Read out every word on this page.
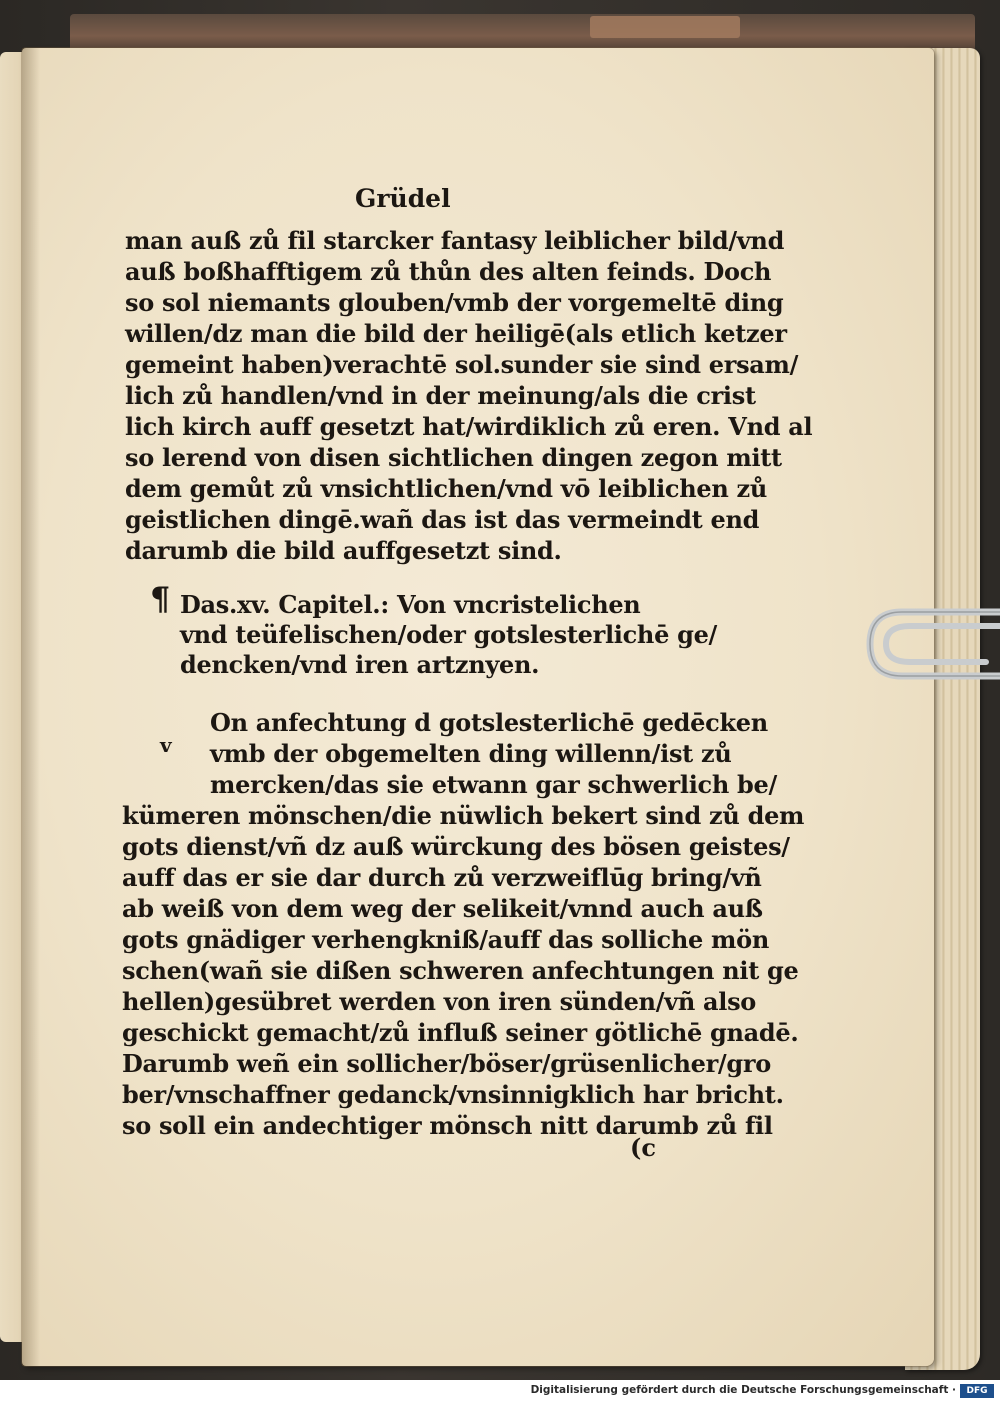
Grüdel

man auß zů fil starcker fantasy leiblicher bild/vnd

auß boßhafftigem zů thůn des alten feinds. Doch

so sol niemants glouben/vmb der vorgemeltē ding

willen/dz man die bild der heiligē(als etlich ketzer

gemeint haben)verachtē sol.sunder sie sind ersam/

lich zů handlen/vnd in der meinung/als die crist

lich kirch auff gesetzt hat/wirdiklich zů eren. Vnd al

so lerend von disen sichtlichen dingen zegon mitt

dem gemůt zů vnsichtlichen/vnd vō leiblichen zů

geistlichen dingē.wañ das ist das vermeindt end

darumb die bild auffgesetzt sind.

¶ Das.xv. Capitel.: Von vncristelichen

vnd teüfelischen/oder gotslesterlichē ge/

dencken/vnd iren artznyen.

v

On anfechtung d gotslesterlichē gedēcken

vmb der obgemelten ding willenn/ist zů

mercken/das sie etwann gar schwerlich be/

kümeren mönschen/die nüwlich bekert sind zů dem

gots dienst/vñ dz auß würckung des bösen geistes/

auff das er sie dar durch zů verzweiflūg bring/vñ

ab weiß von dem weg der selikeit/vnnd auch auß

gots gnädiger verhengkniß/auff das solliche mön

schen(wañ sie dißen schweren anfechtungen nit ge

hellen)gesübret werden von iren sünden/vñ also

geschickt gemacht/zů influß seiner götlichē gnadē.

Darumb weñ ein sollicher/böser/grüsenlicher/gro

ber/vnschaffner gedanck/vnsinnigklich har bricht.

so soll ein andechtiger mönsch nitt darumb zů fil

(c

Digitalisierung gefördert durch die Deutsche Forschungsgemeinschaft ·	DFG
